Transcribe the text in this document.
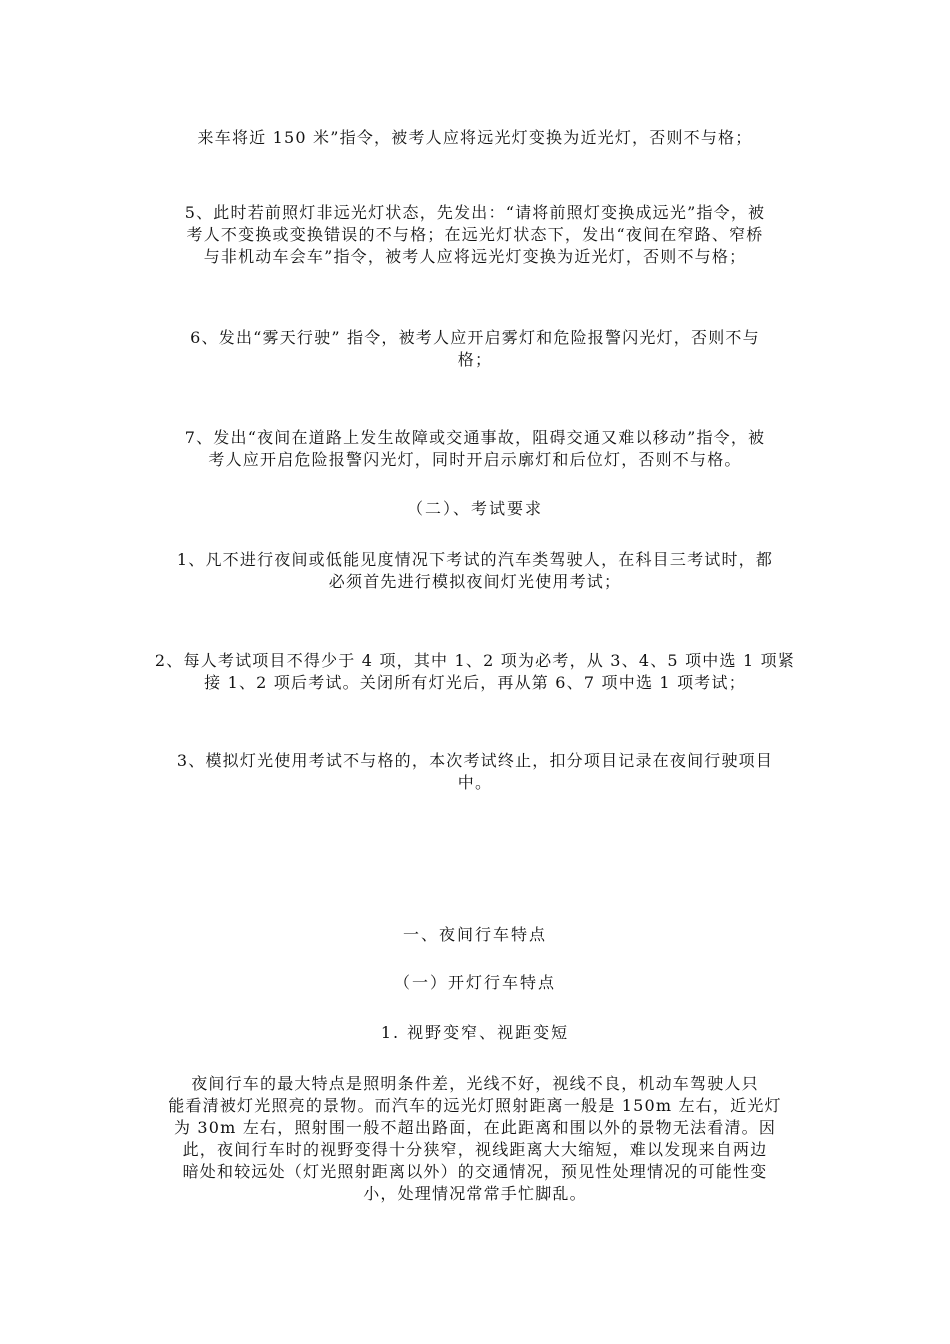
来车将近 150 米”指令，被考人应将远光灯变换为近光灯，否则不与格；
5、此时若前照灯非远光灯状态，先发出：“请将前照灯变换成远光”指令，被
考人不变换或变换错误的不与格；在远光灯状态下，发出“夜间在窄路、窄桥
与非机动车会车”指令，被考人应将远光灯变换为近光灯，否则不与格；
6、发出“雾天行驶” 指令，被考人应开启雾灯和危险报警闪光灯，否则不与
格；
7、发出“夜间在道路上发生故障或交通事故，阻碍交通又难以移动”指令，被
考人应开启危险报警闪光灯，同时开启示廓灯和后位灯，否则不与格。
（二）、考试要求
1、凡不进行夜间或低能见度情况下考试的汽车类驾驶人，在科目三考试时，都
必须首先进行模拟夜间灯光使用考试；
2、每人考试项目不得少于 4 项，其中 1、2 项为必考，从 3、4、5 项中选 1 项紧
接 1、2 项后考试。关闭所有灯光后，再从第 6、7 项中选 1 项考试；
3、模拟灯光使用考试不与格的，本次考试终止，扣分项目记录在夜间行驶项目
中。
一、夜间行车特点
（一）开灯行车特点
1. 视野变窄、视距变短
夜间行车的最大特点是照明条件差，光线不好，视线不良，机动车驾驶人只
能看清被灯光照亮的景物。而汽车的远光灯照射距离一般是 150m 左右，近光灯
为 30m 左右，照射围一般不超出路面，在此距离和围以外的景物无法看清。因
此，夜间行车时的视野变得十分狭窄，视线距离大大缩短，难以发现来自两边
暗处和较远处（灯光照射距离以外）的交通情况，预见性处理情况的可能性变
小，处理情况常常手忙脚乱。
